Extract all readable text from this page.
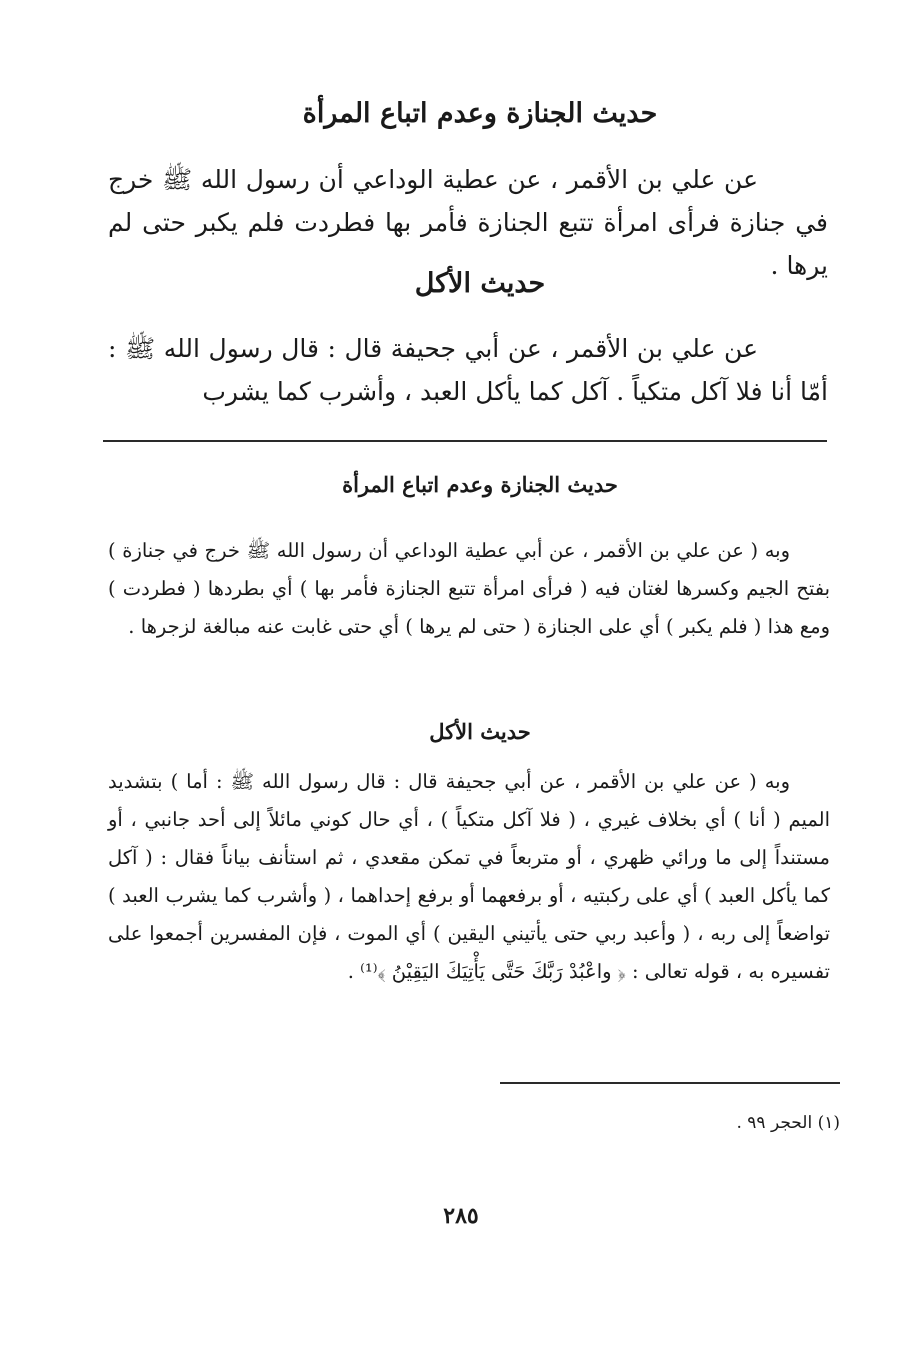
حديث الجنازة وعدم اتباع المرأة
عن علي بن الأقمر ، عن عطية الوداعي أن رسول الله ﷺ خرج في جنازة فرأى امرأة تتبع الجنازة فأمر بها فطردت فلم يكبر حتى لم يرها .
حديث الأكل
عن علي بن الأقمر ، عن أبي جحيفة قال : قال رسول الله ﷺ : أمّا أنا فلا آكل متكياً . آكل كما يأكل العبد ، وأشرب كما يشرب
حديث الجنازة وعدم اتباع المرأة
وبه ( عن علي بن الأقمر ، عن أبي عطية الوداعي أن رسول الله ﷺ خرج في جنازة ) بفتح الجيم وكسرها لغتان فيه ( فرأى امرأة تتبع الجنازة فأمر بها ) أي بطردها ( فطردت ) ومع هذا ( فلم يكبر ) أي على الجنازة ( حتى لم يرها ) أي حتى غابت عنه مبالغة لزجرها .
حديث الأكل
وبه ( عن علي بن الأقمر ، عن أبي جحيفة قال : قال رسول الله ﷺ : أما ) بتشديد الميم ( أنا ) أي بخلاف غيري ، ( فلا آكل متكياً ) ، أي حال كوني مائلاً إلى أحد جانبي ، أو مستنداً إلى ما ورائي ظهري ، أو متربعاً في تمكن مقعدي ، ثم استأنف بياناً فقال : ( آكل كما يأكل العبد ) أي على ركبتيه ، أو برفعهما أو برفع إحداهما ، ( وأشرب كما يشرب العبد ) تواضعاً إلى ربه ، ( وأعبد ربي حتى يأتيني اليقين ) أي الموت ، فإن المفسرين أجمعوا على تفسيره به ، قوله تعالى : ﴿ واعْبُدْ رَبَّكَ حَتَّى يَأْتِيَكَ اليَقِيْنُ ﴾⁽¹⁾ .
(١) الحجر ٩٩ .
٢٨٥
